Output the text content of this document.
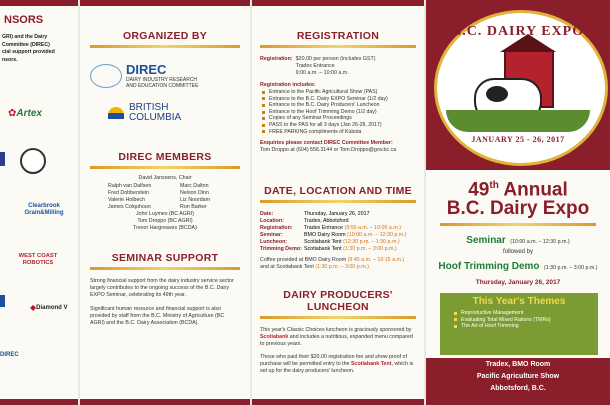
NSORS
GRI) and the Dairy
Committee (DIREC)
cial support provided
nsors.
✿ Artex
Clearbrook Grain&Milling
WEST COAST ROBOTICS
◆ Diamond V
DIREC
ORGANIZED BY
DIREC
DAIRY INDUSTRY RESEARCH
AND EDUCATION COMMITTEE
BRITISH
COLUMBIA
DIREC MEMBERS
David Janssens, Chair
Ralph van Dalfsen	Marc Dalton
Fred Dobberstein	Nelson Dinn
Valerie Holbech	Liz Noordam
James Colquhoun	Ron Barker
John Luymes (BC AGRI)
Tom Droppo (BC AGRI)
Trevor Hargreaves (BCDA)
SEMINAR SUPPORT

Strong financial support from the dairy industry service sector largely contributes to the ongoing success of the B.C. Dairy EXPO Seminar, celebrating its 49th year.

Significant human resource and financial support is also provided by staff from the B.C. Ministry of Agriculture (BC AGRI) and the B.C. Dairy Association (BCDA).

REGISTRATION
Registration: $20.00 per person (includes GST)
Tradex Entrance
9:00 a.m. – 10:00 a.m.
Registration includes:
Entrance to the Pacific Agricultural Show (PAS)
Entrance to the B.C. Dairy EXPO Seminar (1/2 day)
Entrance to the B.C. Dairy Producers' Luncheon
Entrance to the Hoof Trimming Demo (1/2 day)
Copies of any Seminar Proceedings
PASS to the PAS for all 3 days (Jan 26-28, 2017)
FREE PARKING compliments of Kubota
Enquiries please contact DIREC Committee Member:
Tom Droppo at (604) 556.3144 or Tom.Droppo@gov.bc.ca
DATE, LOCATION AND TIME
Date:	Thursday, January 26, 2017
Location:	Tradex, Abbotsford
Registration:	Tradex Entrance (9:00 a.m. – 10:00 a.m.)
Seminar:	BMO Dairy Room (10:00 a.m. – 12:30 p.m.)
Luncheon:	Scotiabank Tent (12:30 p.m. – 1:30 p.m.)
Trimming Demo: Scotiabank Tent (1:30 p.m. – 3:00 p.m.)
Coffee provided at BMO Dairy Room (9:45 a.m. – 10:15 a.m.)
and at Scotiabank Tent (1:30 p.m. – 3:00 p.m.).
DAIRY PRODUCERS' LUNCHEON

This year's Classic Choices luncheon is graciously sponsored by Scotiabank and includes a nutritious, expanded menu compared to previous years.

Those who paid their $20.00 registration fee and show proof of purchase will be permitted entry to the Scotiabank Tent, which is set up for the dairy producers' luncheon.

B.C. DAIRY EXPO
JANUARY 25 - 26, 2017
49th Annual
B.C. Dairy Expo
Seminar (10:00 a.m. – 12:30 p.m.)
followed by
Hoof Trimming Demo (1:30 p.m. – 3:00 p.m.)
Thursday, January 26, 2017
This Year's Themes
Reproductive Management
Evaluating Total Mixed Rations (TMRs)
The Art of Hoof Trimming
Tradex, BMO Room
Pacific Agriculture Show
Abbotsford, B.C.
